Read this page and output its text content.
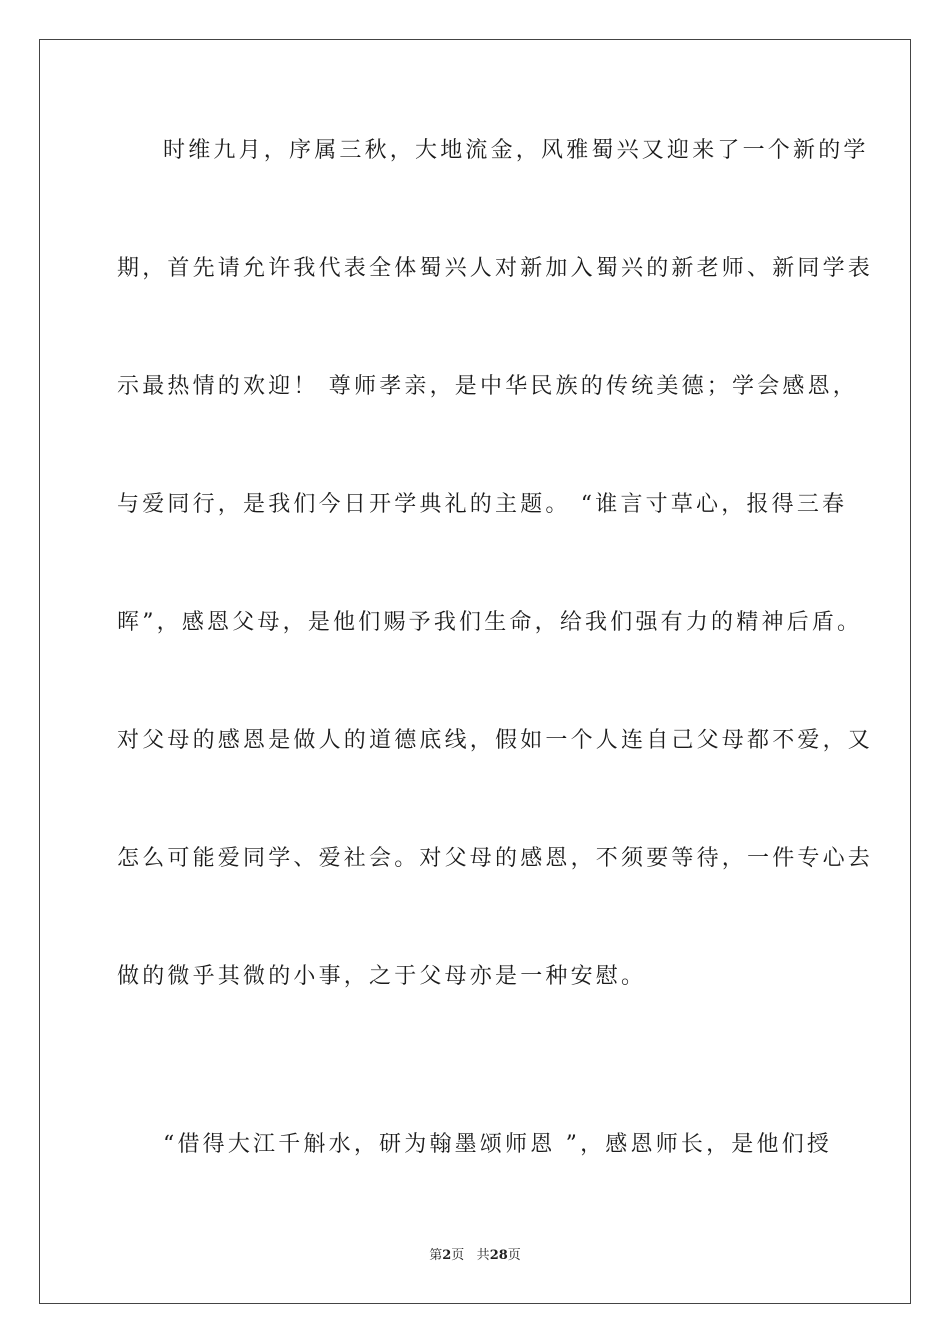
时维九月，序属三秋，大地流金，风雅蜀兴又迎来了一个新的学
期，首先请允许我代表全体蜀兴人对新加入蜀兴的新老师、新同学表
示最热情的欢迎！ 尊师孝亲，是中华民族的传统美德；学会感恩，
与爱同行，是我们今日开学典礼的主题。 “谁言寸草心，报得三春
晖”，感恩父母，是他们赐予我们生命，给我们强有力的精神后盾。
对父母的感恩是做人的道德底线，假如一个人连自己父母都不爱，又
怎么可能爱同学、爱社会。对父母的感恩，不须要等待，一件专心去
做的微乎其微的小事，之于父母亦是一种安慰。
“借得大江千斛水，研为翰墨颂师恩 ”，感恩师长，是他们授
第2页 共28页
